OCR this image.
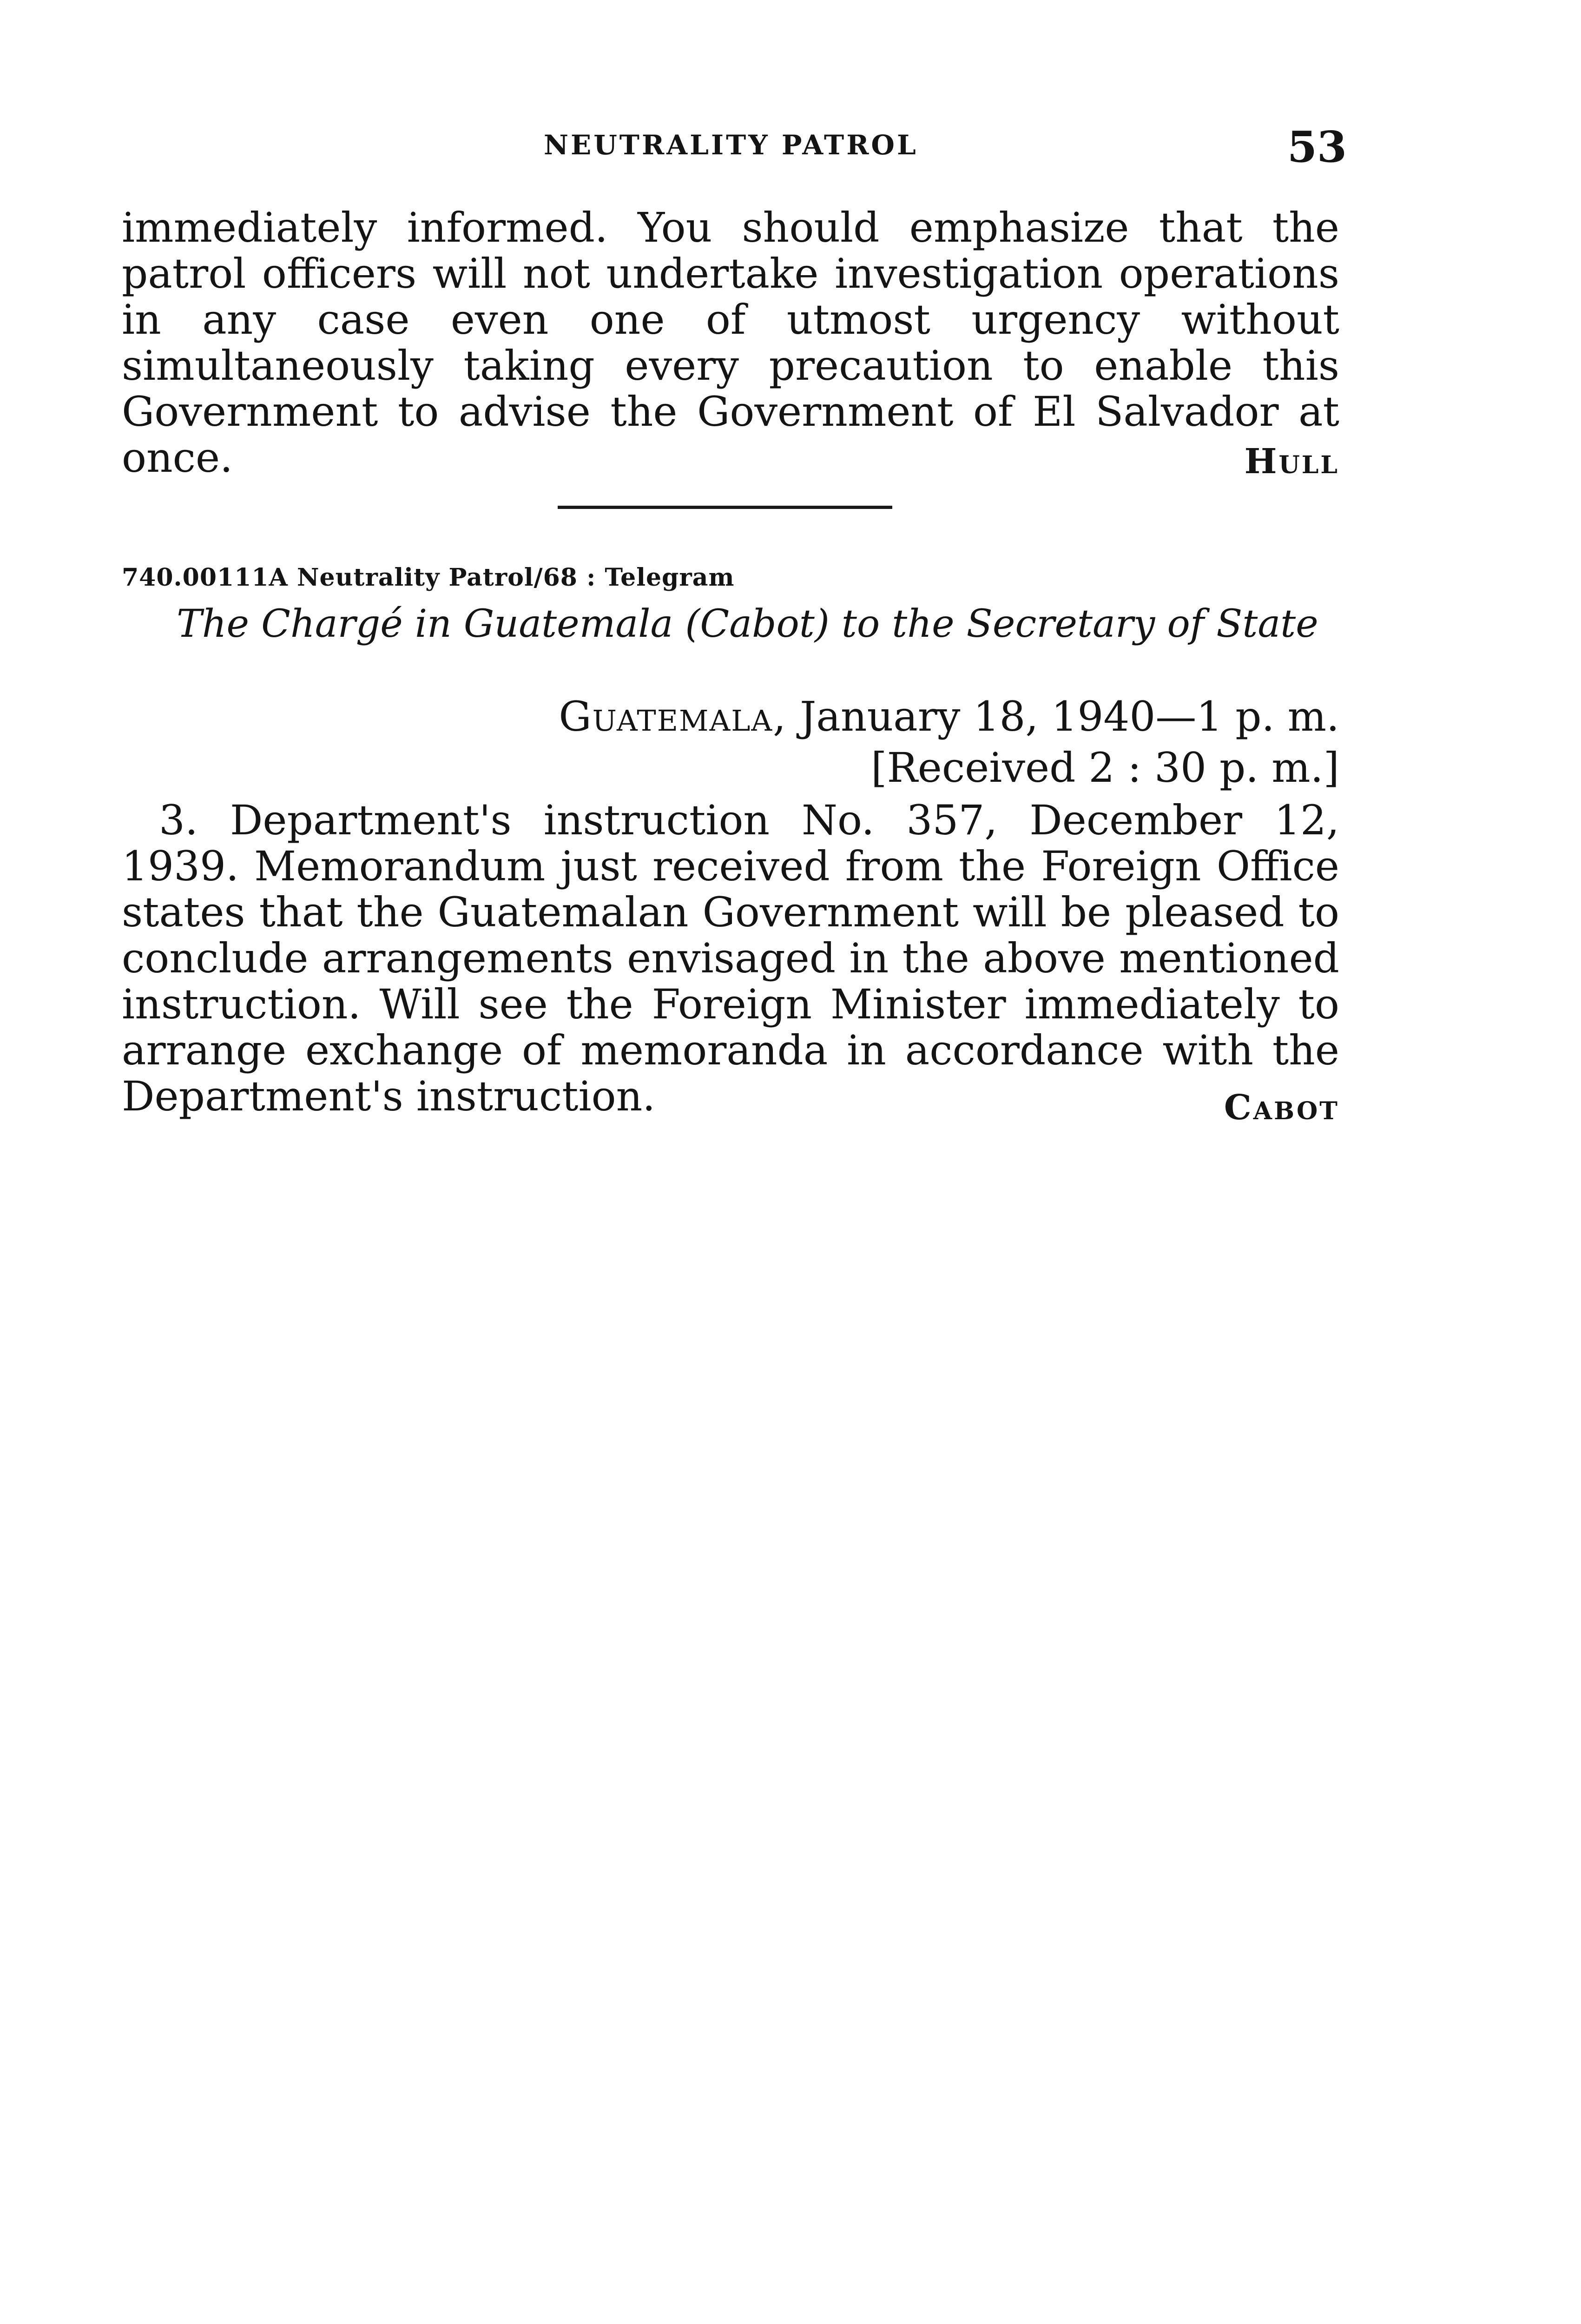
NEUTRALITY PATROL	53
immediately informed. You should emphasize that the patrol officers will not undertake investigation operations in any case even one of utmost urgency without simultaneously taking every precaution to enable this Government to advise the Government of El Salvador at once.	Hull
740.00111A Neutrality Patrol/68 : Telegram
The Chargé in Guatemala (Cabot) to the Secretary of State
Guatemala, January 18, 1940—1 p. m.
[Received 2 : 30 p. m.]
3. Department's instruction No. 357, December 12, 1939. Memorandum just received from the Foreign Office states that the Guatemalan Government will be pleased to conclude arrangements envisaged in the above mentioned instruction. Will see the Foreign Minister immediately to arrange exchange of memoranda in accordance with the Department's instruction.	Cabot
